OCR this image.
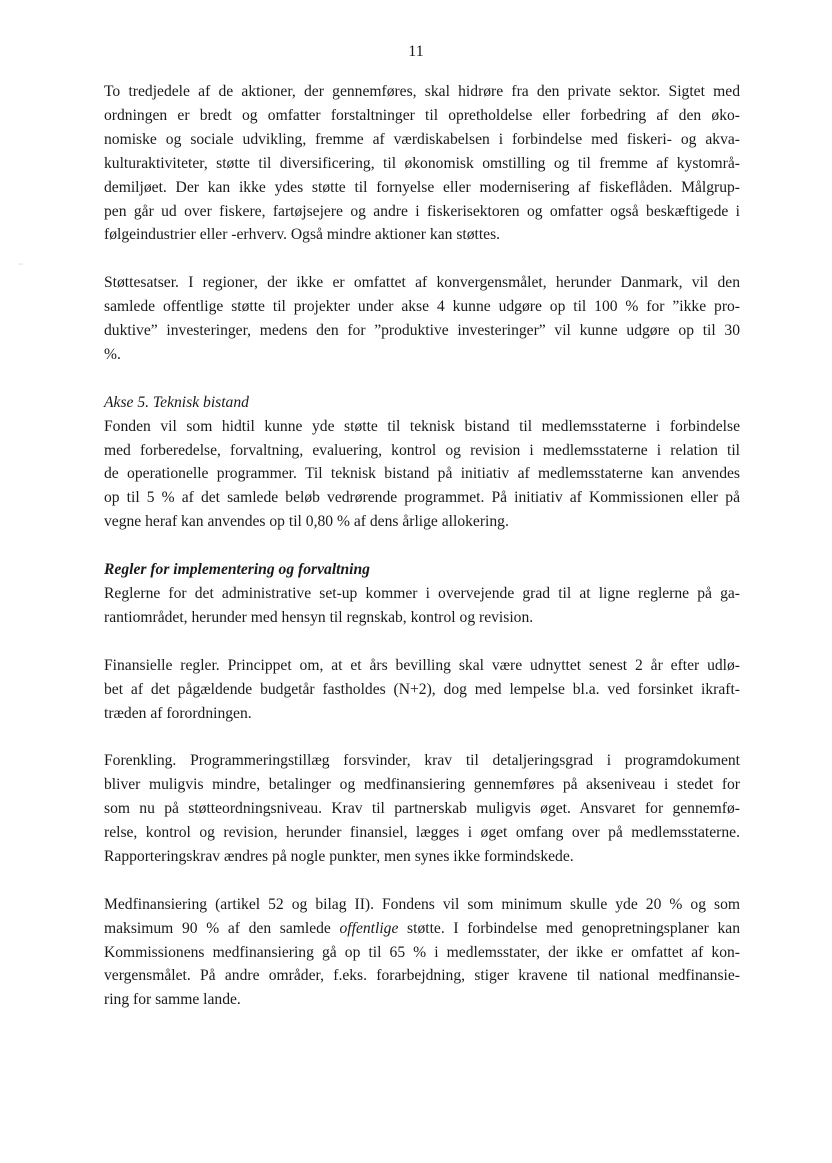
11

To tredjedele af de aktioner, der gennemføres, skal hidrøre fra den private sektor. Sigtet med
ordningen er bredt og omfatter forstaltninger til opretholdelse eller forbedring af den øko-
nomiske og sociale udvikling, fremme af værdiskabelsen i forbindelse med fiskeri- og akva-
kulturaktiviteter, støtte til diversificering, til økonomisk omstilling og til fremme af kystområ-
demiljøet. Der kan ikke ydes støtte til fornyelse eller modernisering af fiskeflåden. Målgrup-
pen går ud over fiskere, fartøjsejere og andre i fiskerisektoren og omfatter også beskæftigede i
følgeindustrier eller -erhverv. Også mindre aktioner kan støttes.

Støttesatser. I regioner, der ikke er omfattet af konvergensmålet, herunder Danmark, vil den
samlede offentlige støtte til projekter under akse 4 kunne udgøre op til 100 % for ”ikke pro-
duktive” investeringer, medens den for ”produktive investeringer” vil kunne udgøre op til 30
%.

Akse 5. Teknisk bistand
Fonden vil som hidtil kunne yde støtte til teknisk bistand til medlemsstaterne i forbindelse
med forberedelse, forvaltning, evaluering, kontrol og revision i medlemsstaterne i relation til
de operationelle programmer. Til teknisk bistand på initiativ af medlemsstaterne kan anvendes
op til 5 % af det samlede beløb vedrørende programmet. På initiativ af Kommissionen eller på
vegne heraf kan anvendes op til 0,80 % af dens årlige allokering.

Regler for implementering og forvaltning
Reglerne for det administrative set-up kommer i overvejende grad til at ligne reglerne på ga-
rantiområdet, herunder med hensyn til regnskab, kontrol og revision.

Finansielle regler. Princippet om, at et års bevilling skal være udnyttet senest 2 år efter udlø-
bet af det pågældende budgetår fastholdes (N+2), dog med lempelse bl.a. ved forsinket ikraft-
træden af forordningen.

Forenkling. Programmeringstillæg forsvinder, krav til detaljeringsgrad i programdokument
bliver muligvis mindre, betalinger og medfinansiering gennemføres på akseniveau i stedet for
som nu på støtteordningsniveau. Krav til partnerskab muligvis øget. Ansvaret for gennemfø-
relse, kontrol og revision, herunder finansiel, lægges i øget omfang over på medlemsstaterne.
Rapporteringskrav ændres på nogle punkter, men synes ikke formindskede.

Medfinansiering (artikel 52 og bilag II). Fondens vil som minimum skulle yde 20 % og som
maksimum 90 % af den samlede offentlige støtte. I forbindelse med genopretningsplaner kan
Kommissionens medfinansiering gå op til 65 % i medlemsstater, der ikke er omfattet af kon-
vergensmålet. På andre områder, f.eks. forarbejdning, stiger kravene til national medfinansie-
ring for samme lande.

˙˙
